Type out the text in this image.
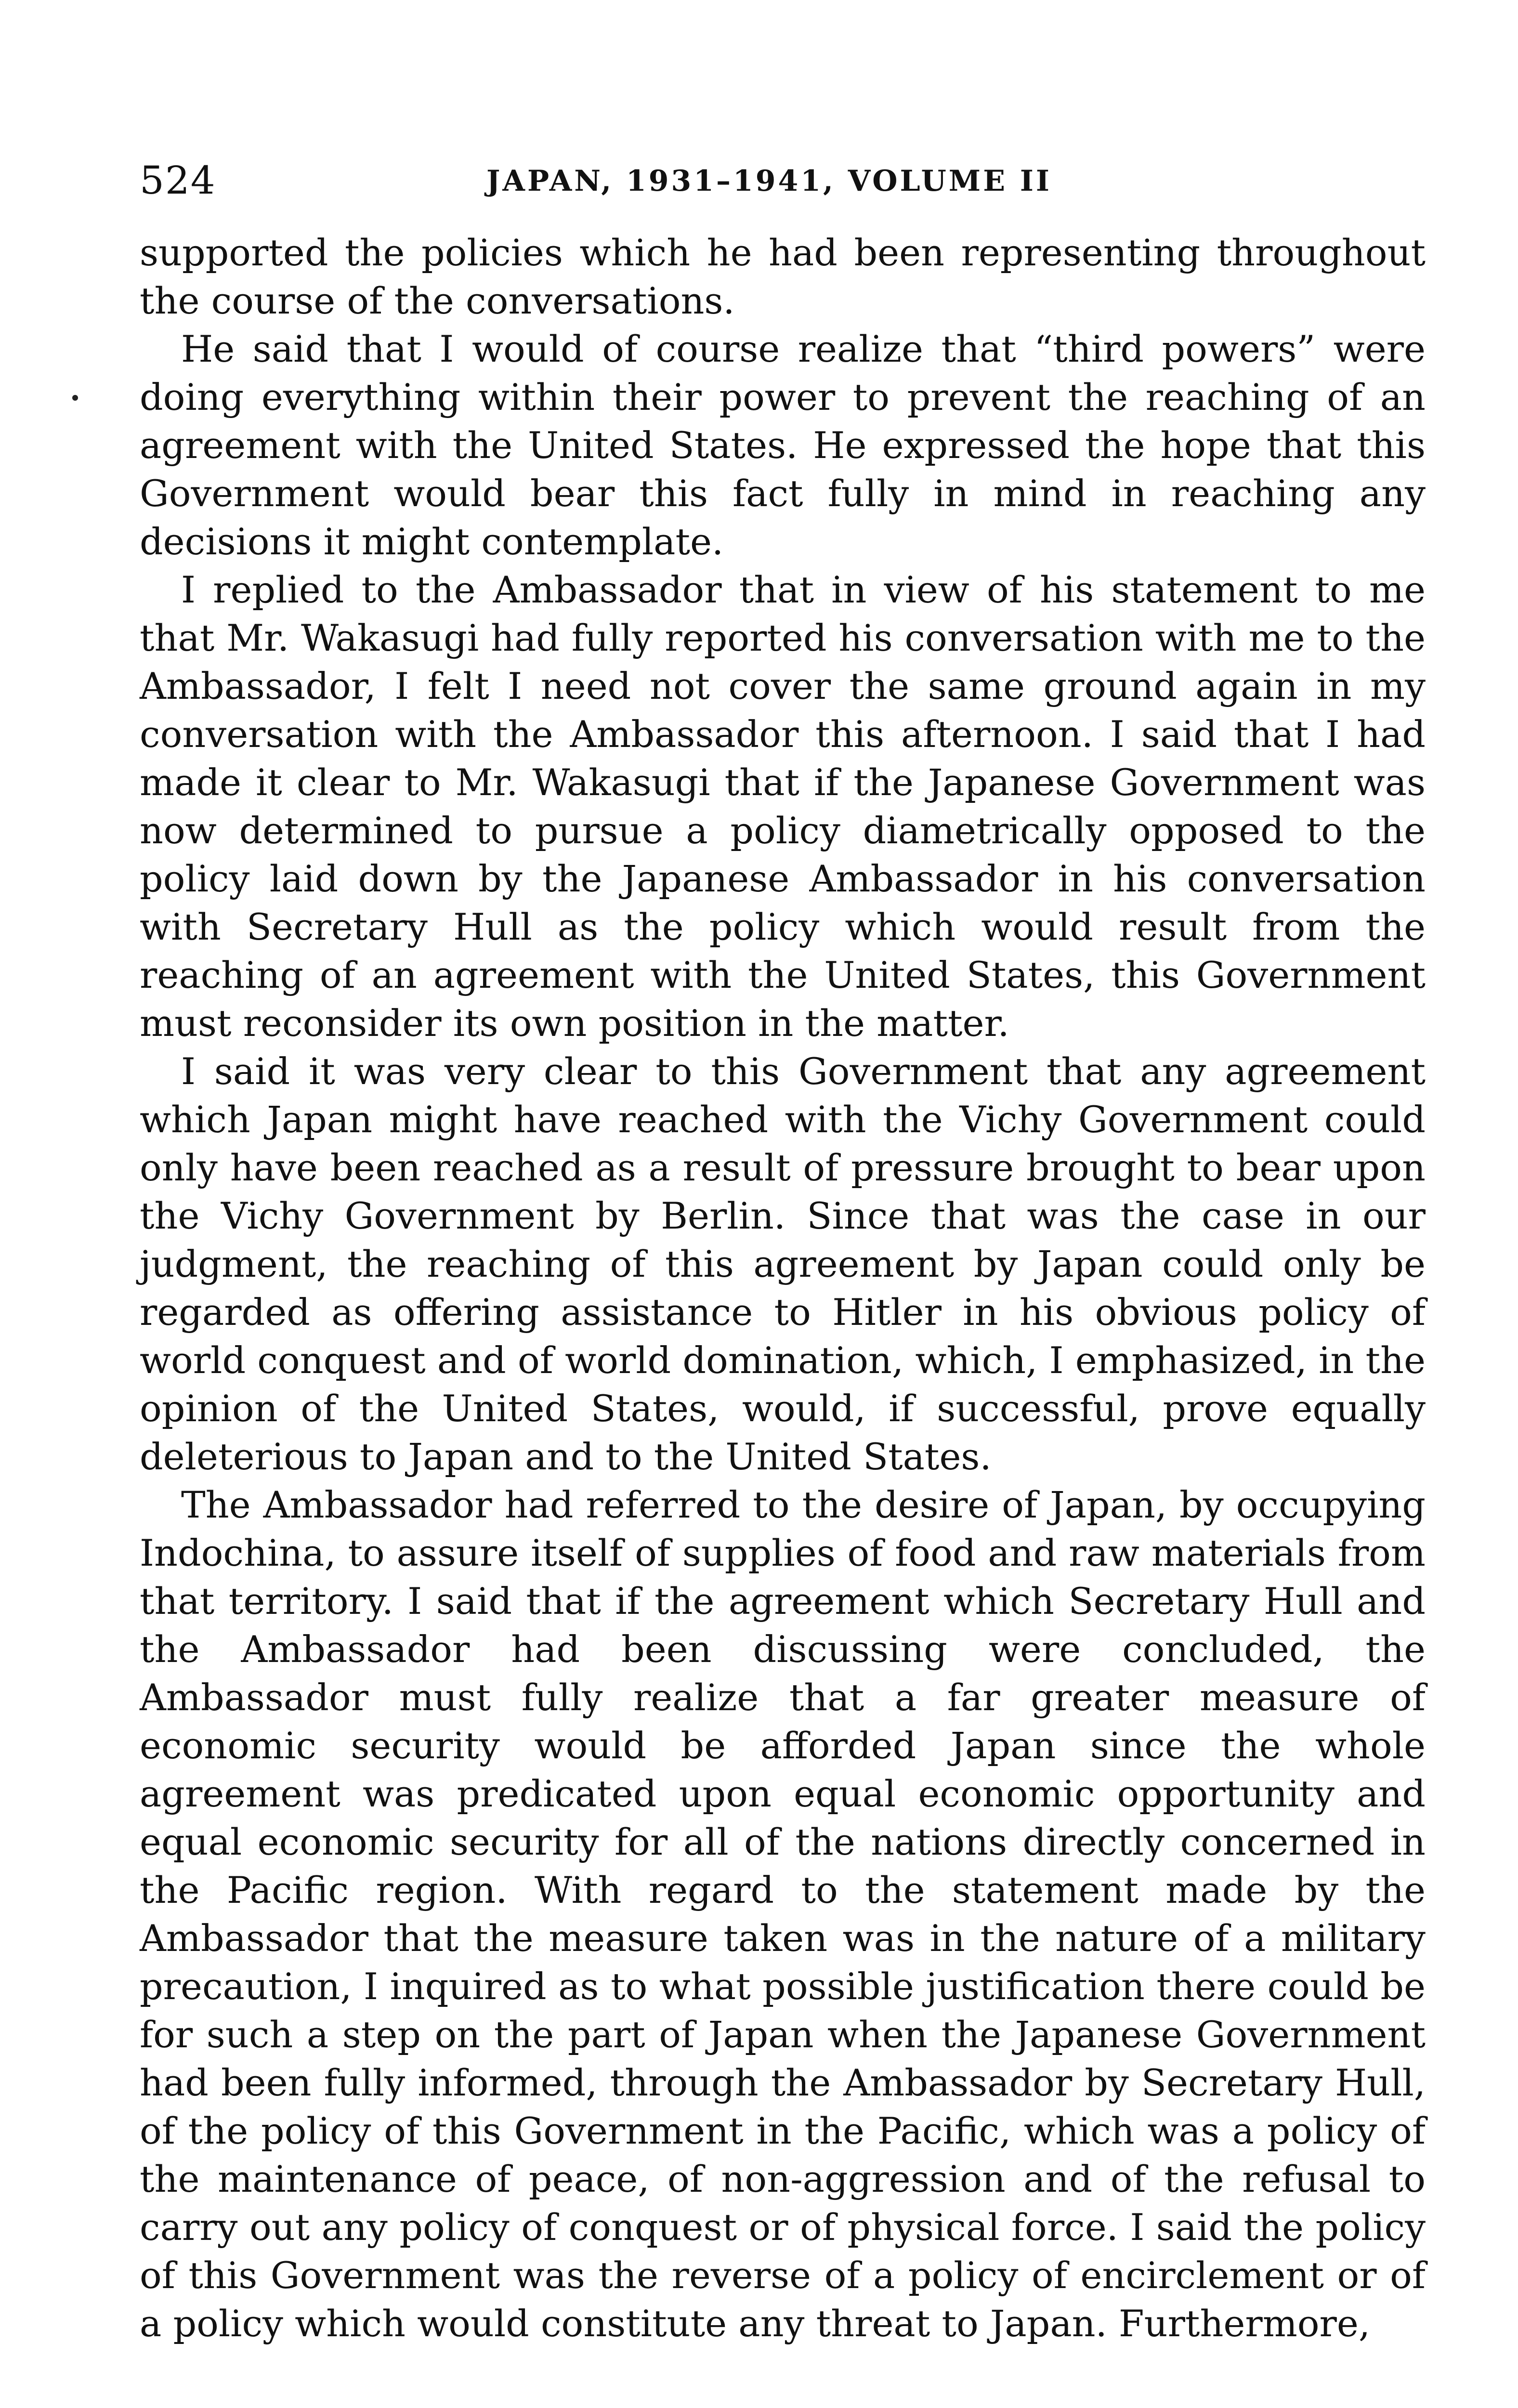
524	JAPAN, 1931–1941, VOLUME II

supported the policies which he had been representing throughout the course of the conversations.

He said that I would of course realize that “third powers” were doing everything within their power to prevent the reaching of an agreement with the United States. He expressed the hope that this Government would bear this fact fully in mind in reaching any decisions it might contemplate.

I replied to the Ambassador that in view of his statement to me that Mr. Wakasugi had fully reported his conversation with me to the Ambassador, I felt I need not cover the same ground again in my conversation with the Ambassador this afternoon. I said that I had made it clear to Mr. Wakasugi that if the Japanese Government was now determined to pursue a policy diametrically opposed to the policy laid down by the Japanese Ambassador in his conversation with Secretary Hull as the policy which would result from the reaching of an agreement with the United States, this Government must reconsider its own position in the matter.

I said it was very clear to this Government that any agreement which Japan might have reached with the Vichy Government could only have been reached as a result of pressure brought to bear upon the Vichy Government by Berlin. Since that was the case in our judgment, the reaching of this agreement by Japan could only be regarded as offering assistance to Hitler in his obvious policy of world conquest and of world domination, which, I emphasized, in the opinion of the United States, would, if successful, prove equally deleterious to Japan and to the United States.

The Ambassador had referred to the desire of Japan, by occupying Indochina, to assure itself of supplies of food and raw materials from that territory. I said that if the agreement which Secretary Hull and the Ambassador had been discussing were concluded, the Ambassador must fully realize that a far greater measure of economic security would be afforded Japan since the whole agreement was predicated upon equal economic opportunity and equal economic security for all of the nations directly concerned in the Pacific region. With regard to the statement made by the Ambassador that the measure taken was in the nature of a military precaution, I inquired as to what possible justification there could be for such a step on the part of Japan when the Japanese Government had been fully informed, through the Ambassador by Secretary Hull, of the policy of this Government in the Pacific, which was a policy of the maintenance of peace, of non-aggression and of the refusal to carry out any policy of conquest or of physical force. I said the policy of this Government was the reverse of a policy of encirclement or of a policy which would constitute any threat to Japan. Furthermore,
